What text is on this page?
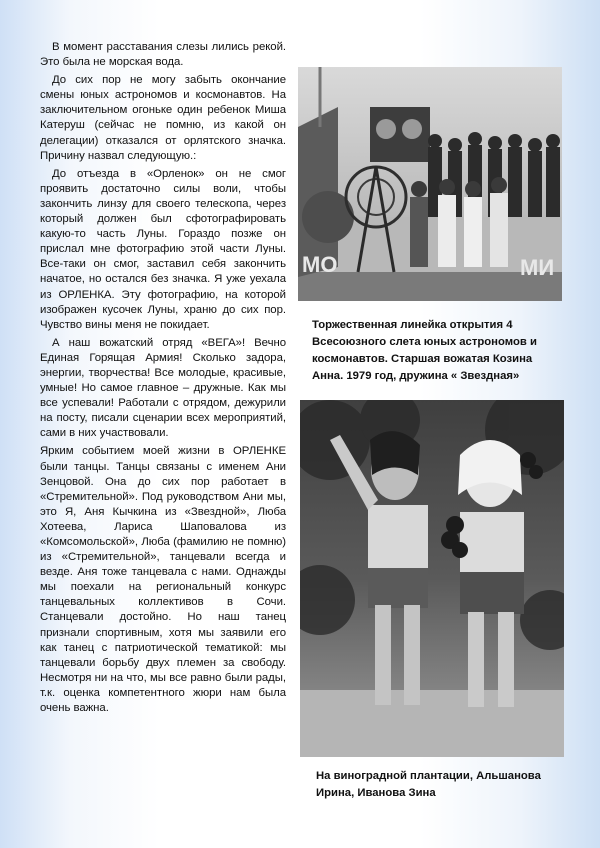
В момент расставания слезы лились рекой. Это была не морская вода.

До сих пор не могу забыть окончание смены юных астрономов и космонавтов. На заключительном огоньке один ребенок Миша Катеруш (сейчас не помню, из какой он делегации) отказался от орлятского значка. Причину назвал следующую.:

До отъезда в «Орленок» он не смог проявить достаточно силы воли, чтобы закончить линзу для своего телескопа, через который должен был сфотографировать какую-то часть Луны. Гораздо позже он прислал мне фотографию этой части Луны. Все-таки он смог, заставил себя закончить начатое, но остался без значка. Я уже уехала из ОРЛЕНКА. Эту фотографию, на которой изображен кусочек Луны, храню до сих пор. Чувство вины меня не покидает.

А наш вожатский отряд «ВЕГА»! Вечно Единая Горящая Армия! Сколько задора, энергии, творчества! Все молодые, красивые, умные! Но самое главное – дружные. Как мы все успевали! Работали с отрядом, дежурили на посту, писали сценарии всех мероприятий, сами в них участвовали.

Ярким событием моей жизни в ОРЛЕНКЕ были танцы. Танцы связаны с именем Ани Зенцовой. Она до сих пор работает в «Стремительной». Под руководством Ани мы, это Я, Аня Кычкина из «Звездной», Люба Хотеева, Лариса Шаповалова из «Комсомольской», Люба (фамилию не помню) из «Стремительной», танцевали всегда и везде. Аня тоже танцевала с нами. Однажды мы поехали на региональный конкурс танцевальных коллективов в Сочи. Станцевали достойно. Но наш танец признали спортивным, хотя мы заявили его как танец с патриотической тематикой: мы танцевали борьбу двух племен за свободу. Несмотря ни на что, мы все равно были рады, т.к. оценка компетентного жюри нам была очень важна.

МО	МИ
Торжественная линейка открытия 4 Всесоюзного слета юных астрономов и космонавтов. Старшая вожатая Козина Анна. 1979 год, дружина « Звездная»
На виноградной плантации, Альшанова Ирина, Иванова Зина
